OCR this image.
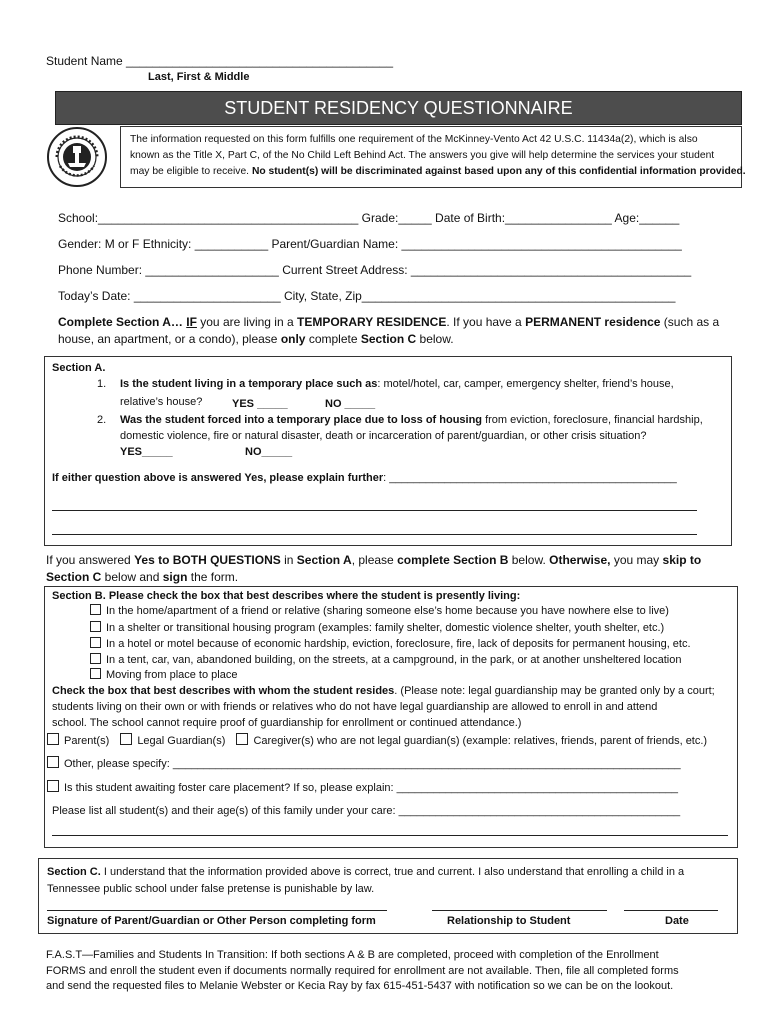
Student Name ________________________________________
Last, First & Middle
STUDENT RESIDENCY QUESTIONNAIRE
The information requested on this form fulfills one requirement of the McKinney-Vento Act 42 U.S.C. 11434a(2), which is also
known as the Title X, Part C, of the No Child Left Behind Act. The answers you give will help determine the services your student
may be eligible to receive. No student(s) will be discriminated against based upon any of this confidential information provided.
School:_______________________________________ Grade:_____ Date of Birth:________________ Age:______
Gender: M or F Ethnicity: ___________ Parent/Guardian Name: __________________________________________
Phone Number: ____________________ Current Street Address: __________________________________________
Today’s Date: ______________________ City, State, Zip_______________________________________________
Complete Section A… IF you are living in a TEMPORARY RESIDENCE. If you have a PERMANENT residence (such as a
house, an apartment, or a condo), please only complete Section C below.
Section A.
1. Is the student living in a temporary place such as: motel/hotel, car, camper, emergency shelter, friend’s house,
relative’s house?	YES _____	NO _____
2. Was the student forced into a temporary place due to loss of housing from eviction, foreclosure, financial hardship,
domestic violence, fire or natural disaster, death or incarceration of parent/guardian, or other crisis situation?
YES_____	NO_____
If either question above is answered Yes, please explain further: _______________________________________________
If you answered Yes to BOTH QUESTIONS in Section A, please complete Section B below. Otherwise, you may skip to
Section C below and sign the form.
Section B. Please check the box that best describes where the student is presently living:
In the home/apartment of a friend or relative (sharing someone else’s home because you have nowhere else to live)
In a shelter or transitional housing program (examples: family shelter, domestic violence shelter, youth shelter, etc.)
In a hotel or motel because of economic hardship, eviction, foreclosure, fire, lack of deposits for permanent housing, etc.
In a tent, car, van, abandoned building, on the streets, at a campground, in the park, or at another unsheltered location
Moving from place to place
Check the box that best describes with whom the student resides. (Please note: legal guardianship may be granted only by a court;
students living on their own or with friends or relatives who do not have legal guardianship are allowed to enroll in and attend
school. The school cannot require proof of guardianship for enrollment or continued attendance.)
Parent(s)	Legal Guardian(s)	Caregiver(s) who are not legal guardian(s) (example: relatives, friends, parent of friends, etc.)
Other, please specify: ___________________________________________________________________________________
Is this student awaiting foster care placement? If so, please explain: ______________________________________________
Please list all student(s) and their age(s) of this family under your care: ______________________________________________
Section C. I understand that the information provided above is correct, true and current. I also understand that enrolling a child in a
Tennessee public school under false pretense is punishable by law.
Signature of Parent/Guardian or Other Person completing form	Relationship to Student	Date
F.A.S.T—Families and Students In Transition: If both sections A & B are completed, proceed with completion of the Enrollment
FORMS and enroll the student even if documents normally required for enrollment are not available. Then, file all completed forms
and send the requested files to Melanie Webster or Kecia Ray by fax 615-451-5437 with notification so we can be on the lookout.
